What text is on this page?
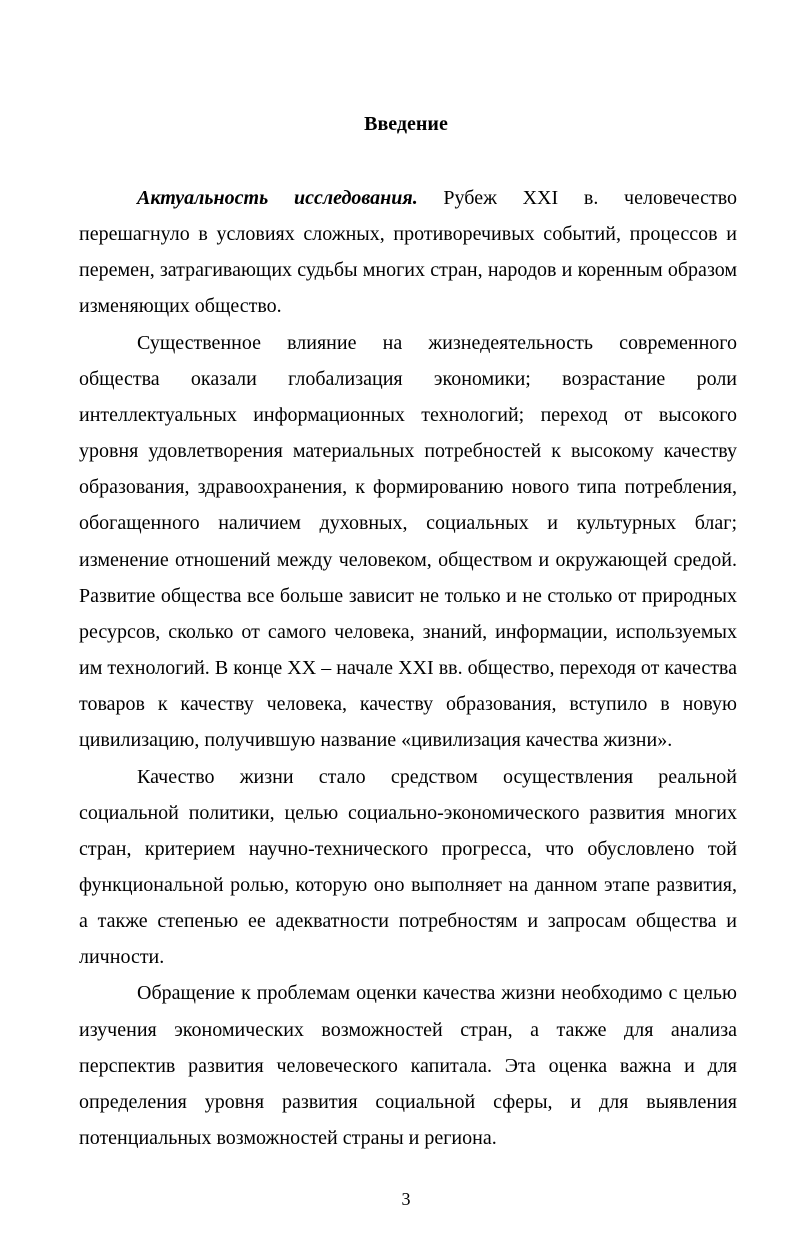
Введение

Актуальность исследования. Рубеж XXI в. человечество перешагнуло в условиях сложных, противоречивых событий, процессов и перемен, затрагивающих судьбы многих стран, народов и коренным образом изменяющих общество.

Существенное влияние на жизнедеятельность современного общества оказали глобализация экономики; возрастание роли интеллектуальных информационных технологий; переход от высокого уровня удовлетворения материальных потребностей к высокому качеству образования, здравоохранения, к формированию нового типа потребления, обогащенного наличием духовных, социальных и культурных благ; изменение отношений между человеком, обществом и окружающей средой. Развитие общества все больше зависит не только и не столько от природных ресурсов, сколько от самого человека, знаний, информации, используемых им технологий. В конце XX – начале XXI вв. общество, переходя от качества товаров к качеству человека, качеству образования, вступило в новую цивилизацию, получившую название «цивилизация качества жизни».

Качество жизни стало средством осуществления реальной социальной политики, целью социально-экономического развития многих стран, критерием научно-технического прогресса, что обусловлено той функциональной ролью, которую оно выполняет на данном этапе развития, а также степенью ее адекватности потребностям и запросам общества и личности.

Обращение к проблемам оценки качества жизни необходимо с целью изучения экономических возможностей стран, а также для анализа перспектив развития человеческого капитала. Эта оценка важна и для определения уровня развития социальной сферы, и для выявления потенциальных возможностей страны и региона.

3
